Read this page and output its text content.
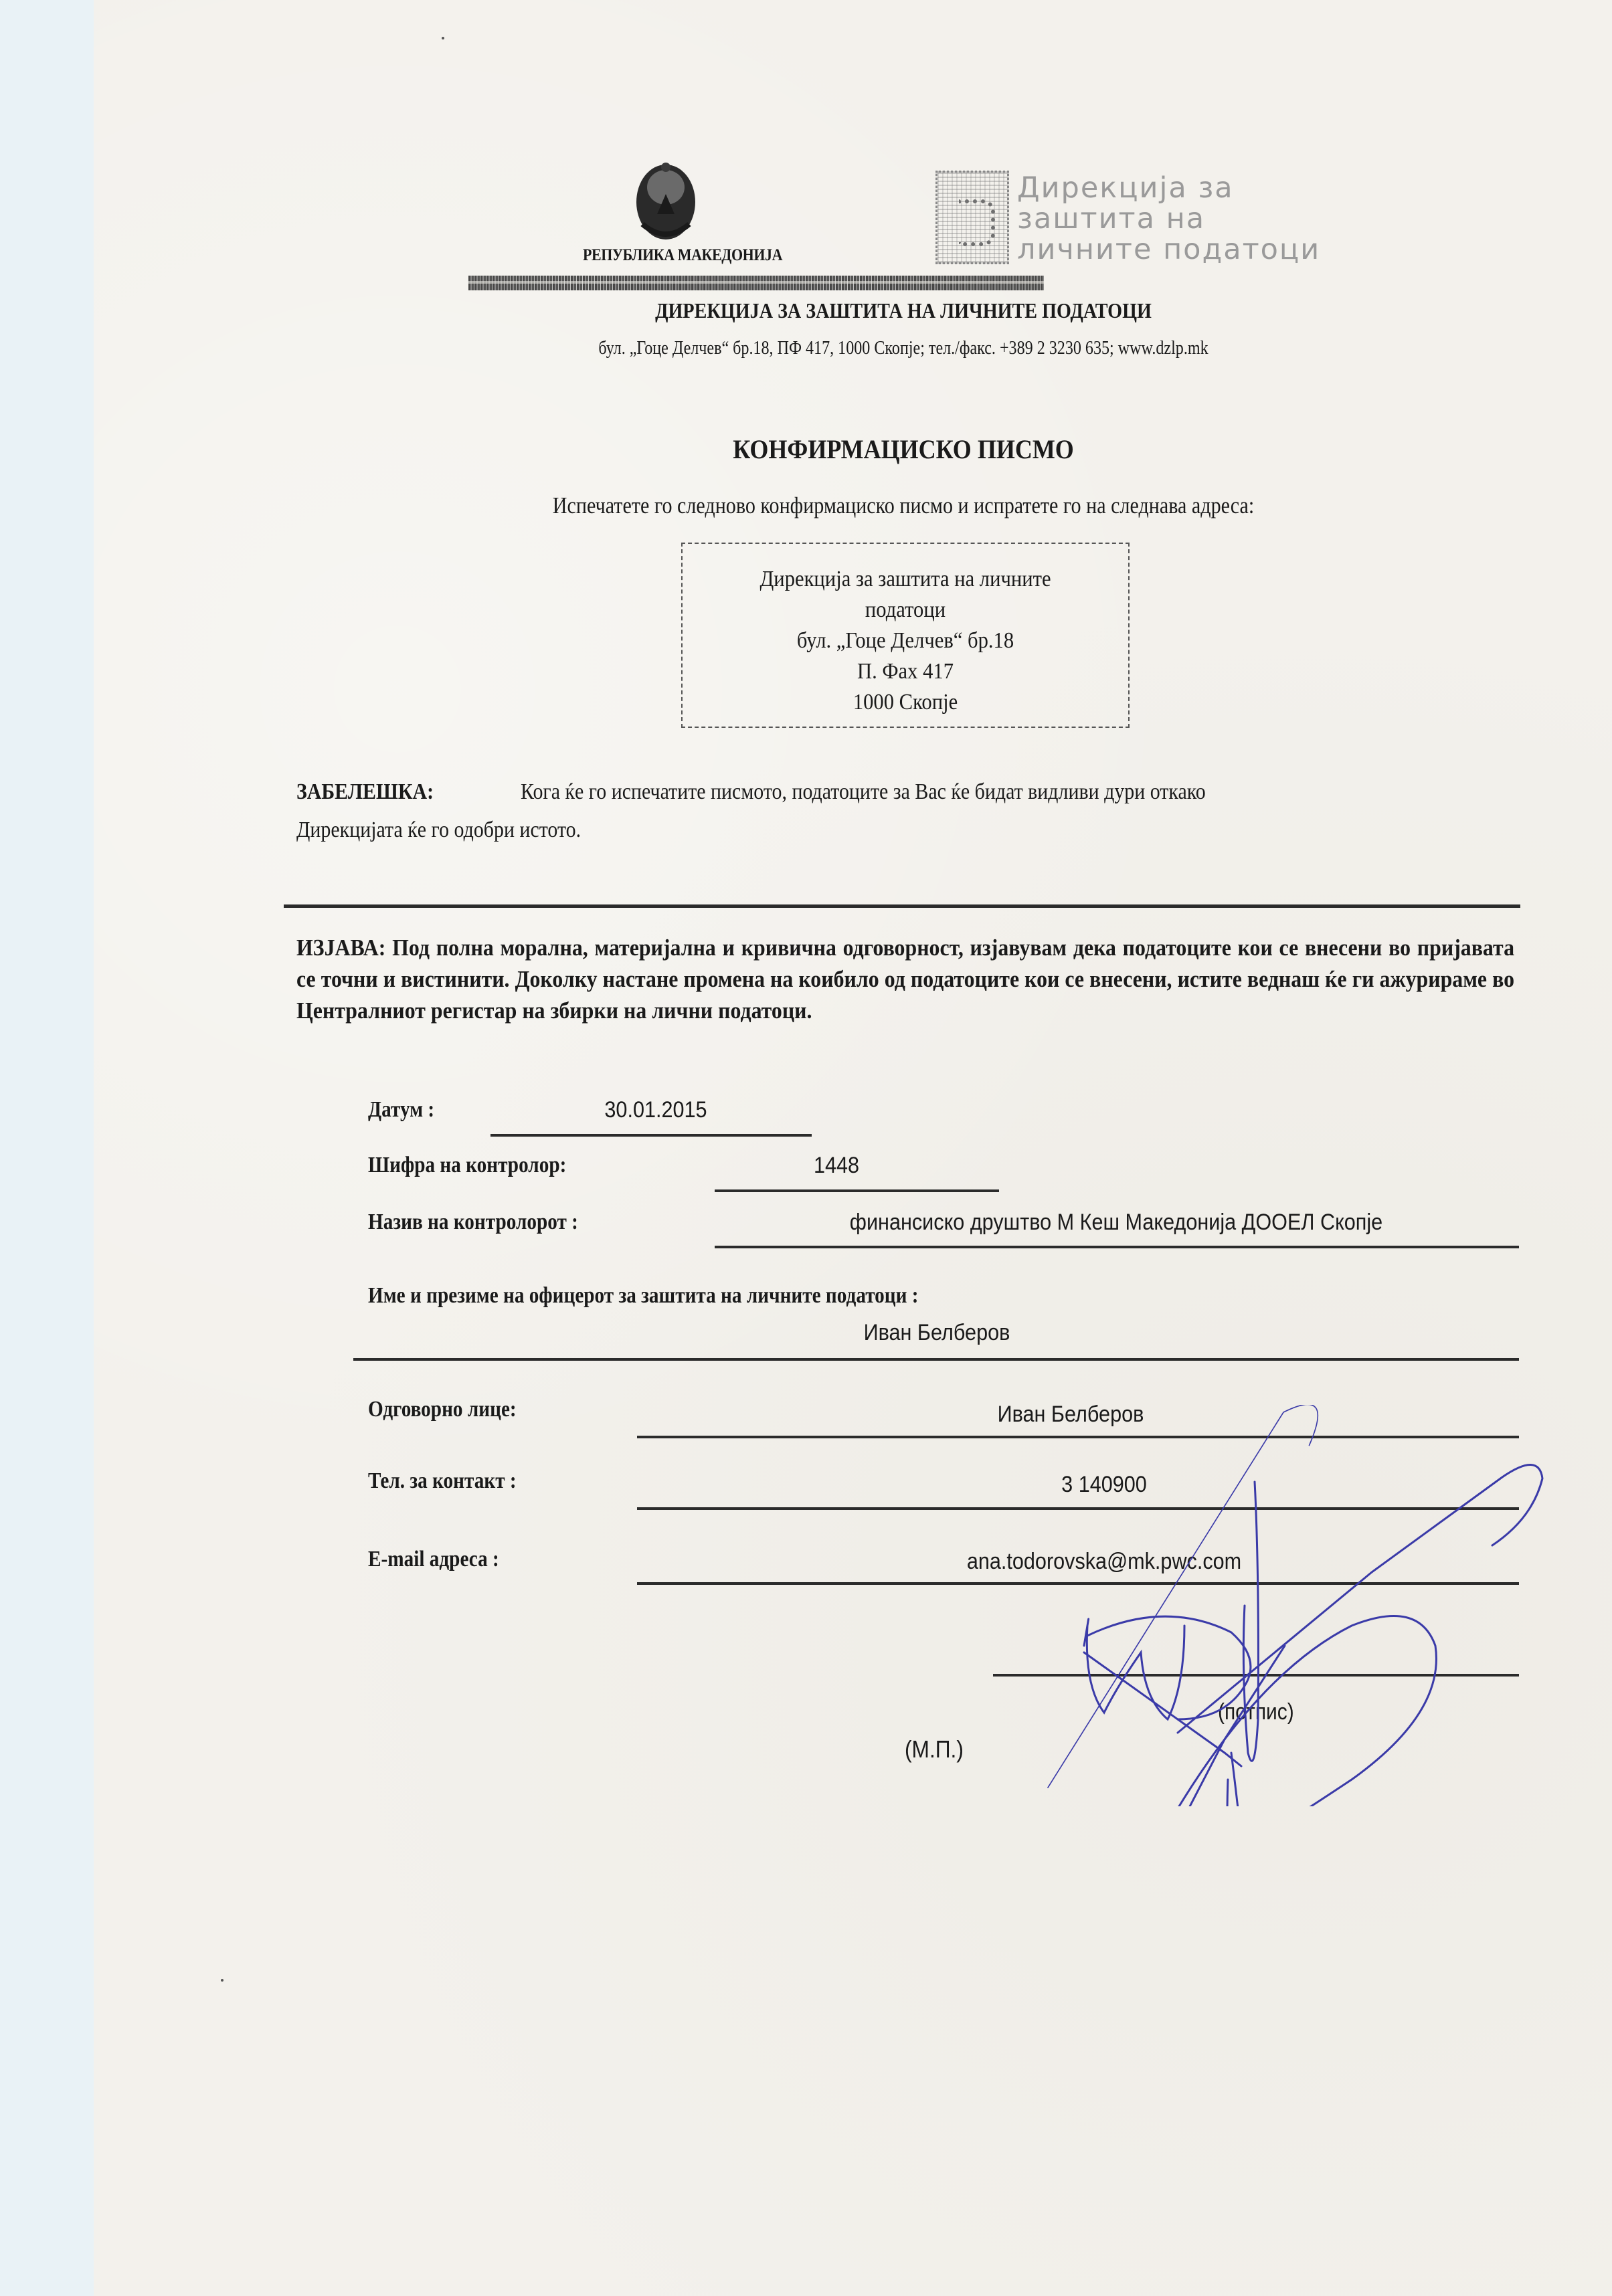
РЕПУБЛИКА МАКЕДОНИЈА
Дирекција за
заштита на
личните податоци
ДИРЕКЦИЈА ЗА ЗАШТИТА НА ЛИЧНИТЕ ПОДАТОЦИ
бул. „Гоце Делчев“ бр.18, ПФ 417, 1000 Скопје; тел./факс. +389 2 3230 635; www.dzlp.mk
КОНФИРМАЦИСКО ПИСМО
Испечатете го следново конфирмациско писмо и испратете го на следнава адреса:
Дирекција за заштита на личните
податоци
бул. „Гоце Делчев“ бр.18
П. Фах 417
1000 Скопје
ЗАБЕЛЕШКА:	Кога ќе го испечатите писмото, податоците за Вас ќе бидат видливи дури откако
Дирекцијата ќе го одобри истото.
ИЗЈАВА: Под полна морална, материјална и кривична одговорност, изјавувам дека податоците кои се внесени во пријавата се точни и вистинити. Доколку настане промена на коибило од податоците кои се внесени, истите веднаш ќе ги ажурираме во Централниот регистар на збирки на лични податоци.
Датум :	30.01.2015
Шифра на контролор:	1448
Назив на контролорот :	финансиско друштво М Кеш Македонија ДООЕЛ Скопје
Име и презиме на офицерот за заштита на личните податоци :
Иван Белберов
Одговорно лице:	Иван Белберов
Тел. за контакт :	3 140900
E-mail адреса :	ana.todorovska@mk.pwc.com
(потпис)
(М.П.)
